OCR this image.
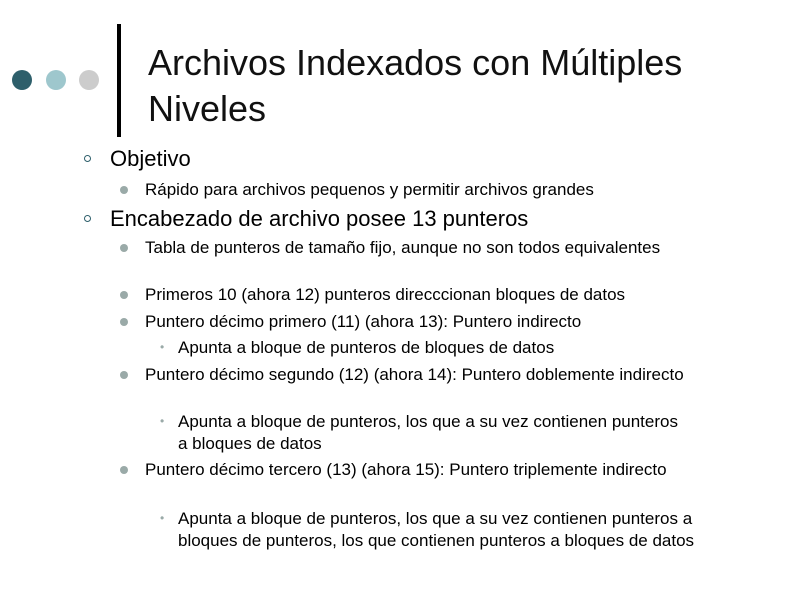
Archivos Indexados con Múltiples
Niveles
Objetivo
Rápido para archivos pequenos y permitir archivos grandes
Encabezado de archivo posee 13 punteros
Tabla de punteros de tamaño fijo, aunque no son todos equivalentes
Primeros 10 (ahora 12) punteros direcccionan bloques de datos
Puntero décimo primero (11) (ahora 13): Puntero indirecto
• Apunta a bloque de punteros de bloques de datos
Puntero décimo segundo (12) (ahora 14): Puntero doblemente indirecto
• Apunta a bloque de punteros, los que a su vez contienen punteros a bloques de datos
Puntero décimo tercero (13) (ahora 15): Puntero triplemente indirecto
• Apunta a bloque de punteros, los que a su vez contienen punteros a bloques de punteros, los que contienen punteros a bloques de datos
